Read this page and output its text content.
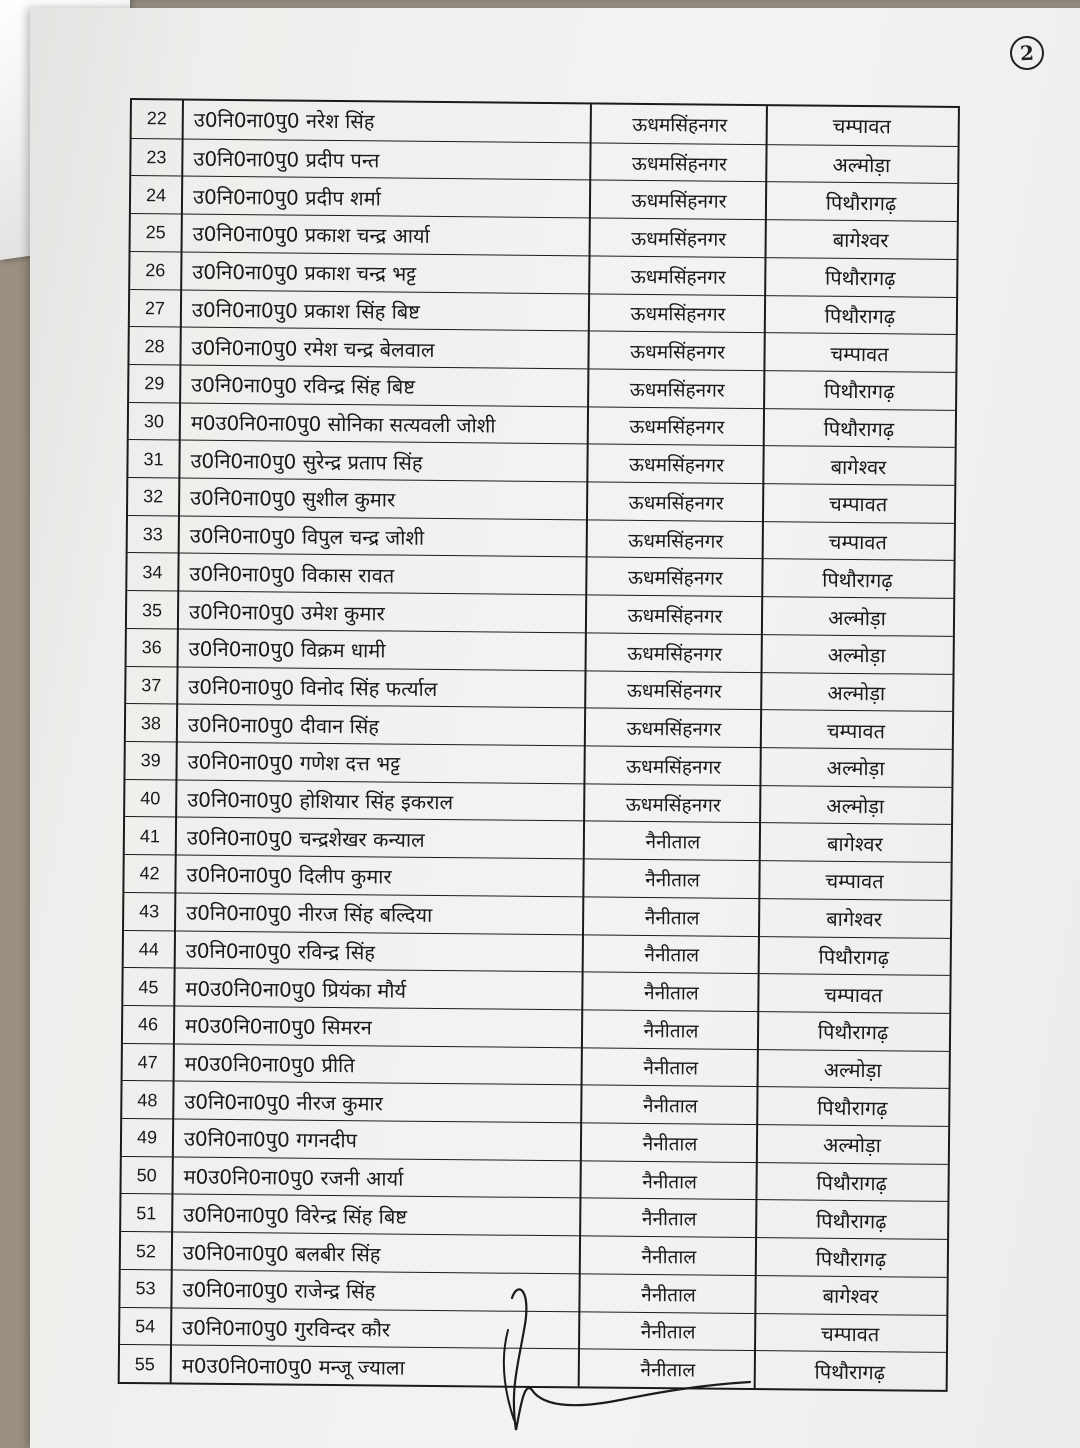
2
22	उ0नि0ना0पु0 नरेश सिंह	ऊधमसिंहनगर	चम्पावत
23	उ0नि0ना0पु0 प्रदीप पन्त	ऊधमसिंहनगर	अल्मोड़ा
24	उ0नि0ना0पु0 प्रदीप शर्मा	ऊधमसिंहनगर	पिथौरागढ़
25	उ0नि0ना0पु0 प्रकाश चन्द्र आर्या	ऊधमसिंहनगर	बागेश्वर
26	उ0नि0ना0पु0 प्रकाश चन्द्र भट्ट	ऊधमसिंहनगर	पिथौरागढ़
27	उ0नि0ना0पु0 प्रकाश सिंह बिष्ट	ऊधमसिंहनगर	पिथौरागढ़
28	उ0नि0ना0पु0 रमेश चन्द्र बेलवाल	ऊधमसिंहनगर	चम्पावत
29	उ0नि0ना0पु0 रविन्द्र सिंह बिष्ट	ऊधमसिंहनगर	पिथौरागढ़
30	म0उ0नि0ना0पु0 सोनिका सत्यवली जोशी	ऊधमसिंहनगर	पिथौरागढ़
31	उ0नि0ना0पु0 सुरेन्द्र प्रताप सिंह	ऊधमसिंहनगर	बागेश्वर
32	उ0नि0ना0पु0 सुशील कुमार	ऊधमसिंहनगर	चम्पावत
33	उ0नि0ना0पु0 विपुल चन्द्र जोशी	ऊधमसिंहनगर	चम्पावत
34	उ0नि0ना0पु0 विकास रावत	ऊधमसिंहनगर	पिथौरागढ़
35	उ0नि0ना0पु0 उमेश कुमार	ऊधमसिंहनगर	अल्मोड़ा
36	उ0नि0ना0पु0 विक्रम धामी	ऊधमसिंहनगर	अल्मोड़ा
37	उ0नि0ना0पु0 विनोद सिंह फर्त्याल	ऊधमसिंहनगर	अल्मोड़ा
38	उ0नि0ना0पु0 दीवान सिंह	ऊधमसिंहनगर	चम्पावत
39	उ0नि0ना0पु0 गणेश दत्त भट्ट	ऊधमसिंहनगर	अल्मोड़ा
40	उ0नि0ना0पु0 होशियार सिंह इकराल	ऊधमसिंहनगर	अल्मोड़ा
41	उ0नि0ना0पु0 चन्द्रशेखर कन्याल	नैनीताल	बागेश्वर
42	उ0नि0ना0पु0 दिलीप कुमार	नैनीताल	चम्पावत
43	उ0नि0ना0पु0 नीरज सिंह बल्दिया	नैनीताल	बागेश्वर
44	उ0नि0ना0पु0 रविन्द्र सिंह	नैनीताल	पिथौरागढ़
45	म0उ0नि0ना0पु0 प्रियंका मौर्य	नैनीताल	चम्पावत
46	म0उ0नि0ना0पु0 सिमरन	नैनीताल	पिथौरागढ़
47	म0उ0नि0ना0पु0 प्रीति	नैनीताल	अल्मोड़ा
48	उ0नि0ना0पु0 नीरज कुमार	नैनीताल	पिथौरागढ़
49	उ0नि0ना0पु0 गगनदीप	नैनीताल	अल्मोड़ा
50	म0उ0नि0ना0पु0 रजनी आर्या	नैनीताल	पिथौरागढ़
51	उ0नि0ना0पु0 विरेन्द्र सिंह बिष्ट	नैनीताल	पिथौरागढ़
52	उ0नि0ना0पु0 बलबीर सिंह	नैनीताल	पिथौरागढ़
53	उ0नि0ना0पु0 राजेन्द्र सिंह	नैनीताल	बागेश्वर
54	उ0नि0ना0पु0 गुरविन्दर कौर	नैनीताल	चम्पावत
55	म0उ0नि0ना0पु0 मन्जू ज्याला	नैनीताल	पिथौरागढ़
